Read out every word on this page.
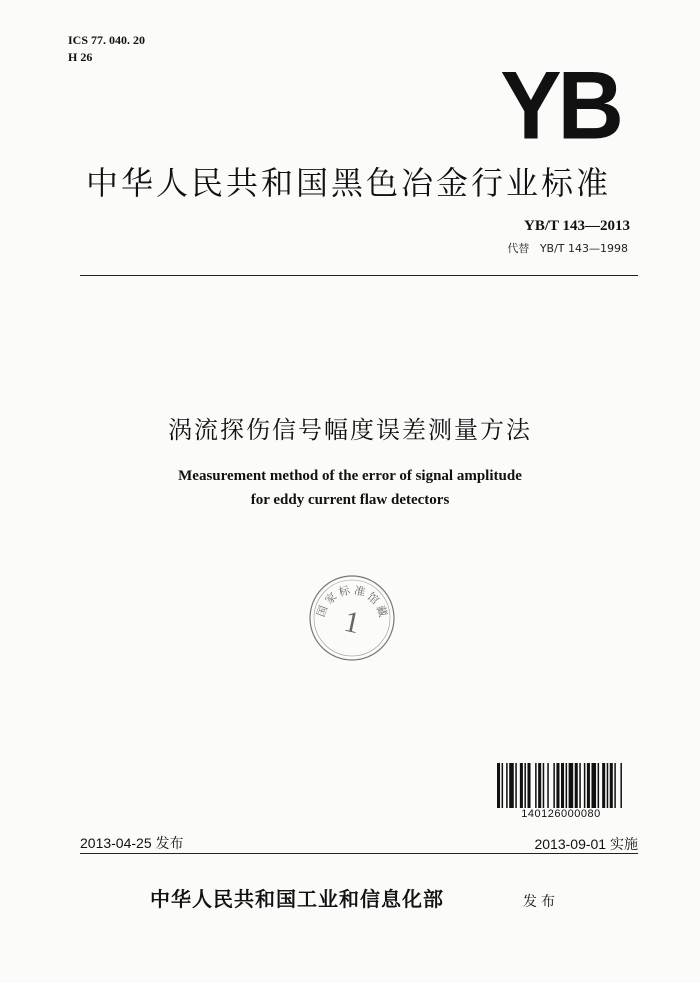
ICS 77. 040. 20
H 26	YB
中华人民共和国黑色冶金行业标准
YB/T 143—2013
代替 YB/T 143—1998
涡流探伤信号幅度误差测量方法
Measurement method of the error of signal amplitude
for eddy current flaw detectors
国
家
标 准
馆
藏
1
140126000080
2013-04-25 发布	2013-09-01 实施
中华人民共和国工业和信息化部	发布
